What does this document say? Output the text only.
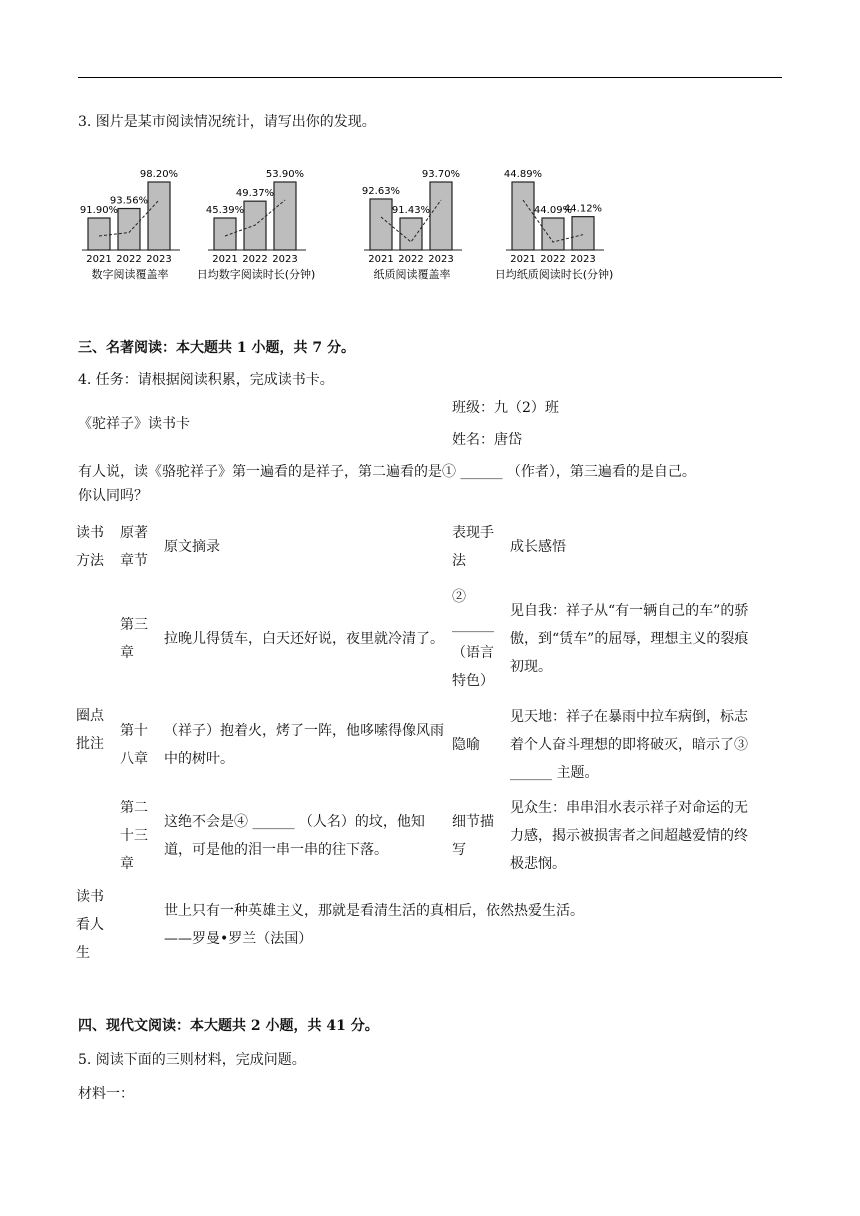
3. 图片是某市阅读情况统计，请写出你的发现。
91.90%
2021
93.56%
2022
98.20%
2023
数字阅读覆盖率
45.39%
2021
49.37%
2022
53.90%
2023
日均数字阅读时长(分钟)
92.63%
2021
91.43%
2022
93.70%
2023
纸质阅读覆盖率
44.89%
2021
44.09%
2022
44.12%
2023
日均纸质阅读时长(分钟)
三、名著阅读：本大题共 1 小题，共 7 分。
4. 任务：请根据阅读积累，完成读书卡。
《驼祥子》读书卡
班级：九（2）班
姓名：唐岱
有人说，读《骆驼祥子》第一遍看的是祥子，第二遍看的是① ______ （作者），第三遍看的是自己。
你认同吗？
读书方法	原著章节	原文摘录	表现手法	成长感悟
圈点批注	第三章	拉晚儿得赁车，白天还好说，夜里就冷清了。	② ______（语言特色）	见自我：祥子从“有一辆自己的车”的骄傲，到“赁车”的屈辱，理想主义的裂痕初现。
	第十八章	（祥子）抱着火，烤了一阵，他哆嗦得像风雨中的树叶。	隐喻	见天地：祥子在暴雨中拉车病倒，标志着个人奋斗理想的即将破灭，暗示了③ ______ 主题。
	第二十三章	这绝不会是④ ______ （人名）的坟，他知道，可是他的泪一串一串的往下落。	细节描写	见众生：串串泪水表示祥子对命运的无力感，揭示被损害者之间超越爱情的终极悲悯。
读书看人生	世上只有一种英雄主义，那就是看清生活的真相后，依然热爱生活。
——罗曼•罗兰（法国）			
四、现代文阅读：本大题共 2 小题，共 41 分。
5. 阅读下面的三则材料，完成问题。
材料一：
